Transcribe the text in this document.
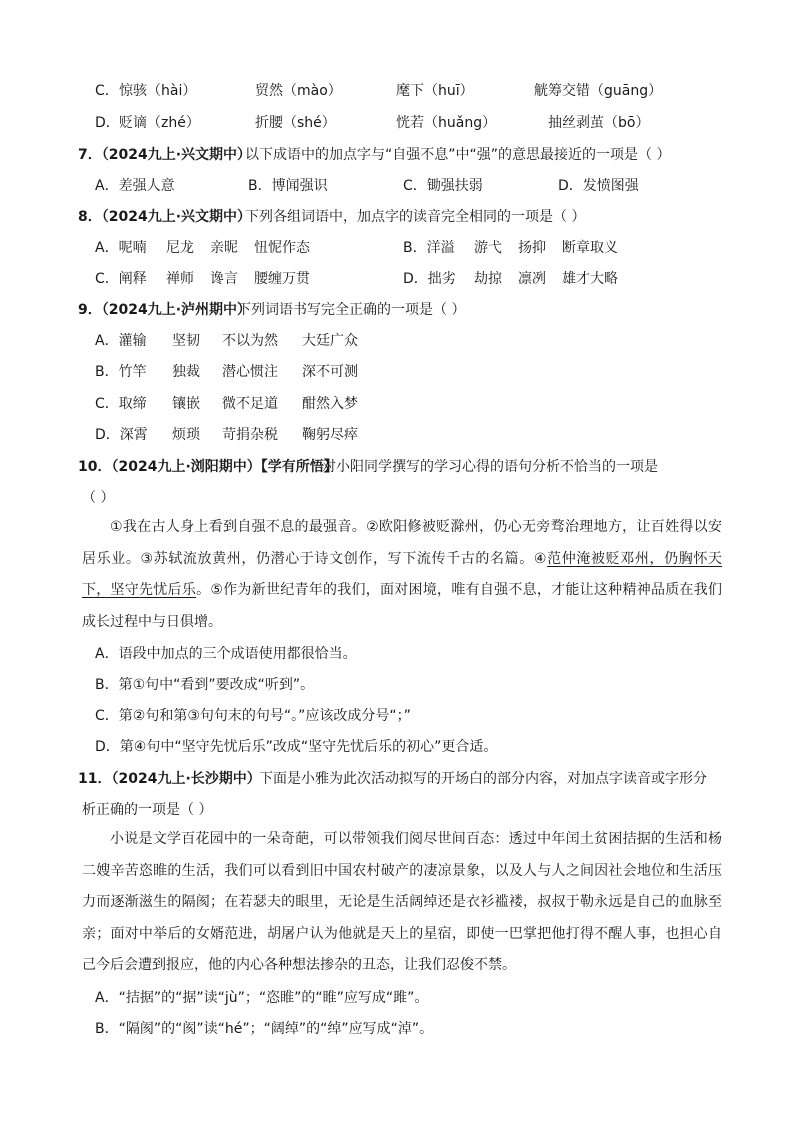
C． 惊骇（hài）	贸然（mào）	麾下（huī）	觥筹交错（guāng）
D． 贬谪（zhé）	折腰（shé）	恍若（huǎng）	抽丝剥茧（bō）
7．（2024九上·兴文期中）
以下成语中的加点字与“自强不息”中“强”的意思最接近的一项是（ ）
A．差强人意	B．博闻强识	C．锄强扶弱	D．发愤图强
8．（2024九上·兴文期中）
下列各组词语中，加点字的读音完全相同的一项是（ ）
A．呢喃 尼龙 亲昵 忸怩作态	B．洋溢 游弋 扬抑 断章取义
C．阐释 禅师 谗言 腰缠万贯	D．拙劣 劫掠 凛冽 雄才大略
9．（2024九上·泸州期中）
下列词语书写完全正确的一项是（ ）
A．灌输 坚韧 不以为然 大廷广众
B．竹竿 独裁 潜心惯注 深不可测
C．取缔 镶嵌 微不足道 酣然入梦
D．深霄 烦琐 苛捐杂税 鞠躬尽瘁
10．（2024九上·浏阳期中）【学有所悟】
对小阳同学撰写的学习心得的语句分析不恰当的一项是
（ ）
①我在古人身上看到自强不息的最强音。②欧阳修被贬滁州，仍心无旁骛治理地方，让百姓得以安居乐业。③苏轼流放黄州，仍潜心于诗文创作，写下流传千古的名篇。④范仲淹被贬邓州，仍胸怀天下，坚守先忧后乐。⑤作为新世纪青年的我们，面对困境，唯有自强不息，才能让这种精神品质在我们成长过程中与日俱增。
A．语段中加点的三个成语使用都很恰当。
B．第①句中“看到”要改成“听到”。
C．第②句和第③句句末的句号“。”应该改成分号“；”
D．第④句中“坚守先忧后乐”改成“坚守先忧后乐的初心”更合适。
11．（2024九上·长沙期中）
下面是小雅为此次活动拟写的开场白的部分内容，对加点字读音或字形分
析正确的一项是（ ）
小说是文学百花园中的一朵奇葩，可以带领我们阅尽世间百态：透过中年闰土贫困拮据的生活和杨二嫂辛苦恣睢的生活，我们可以看到旧中国农村破产的凄凉景象，以及人与人之间因社会地位和生活压力而逐渐滋生的隔阂；在若瑟夫的眼里，无论是生活阔绰还是衣衫褴褛，叔叔于勒永远是自己的血脉至亲；面对中举后的女婿范进，胡屠户认为他就是天上的星宿，即使一巴掌把他打得不醒人事，也担心自己今后会遭到报应，他的内心各种想法掺杂的丑态，让我们忍俊不禁。
A．“拮据”的“据”读“jù”；“恣睢”的“睢”应写成“雎”。
B．“隔阂”的“阂”读“hé”；“阔绰”的“绰”应写成“淖”。
